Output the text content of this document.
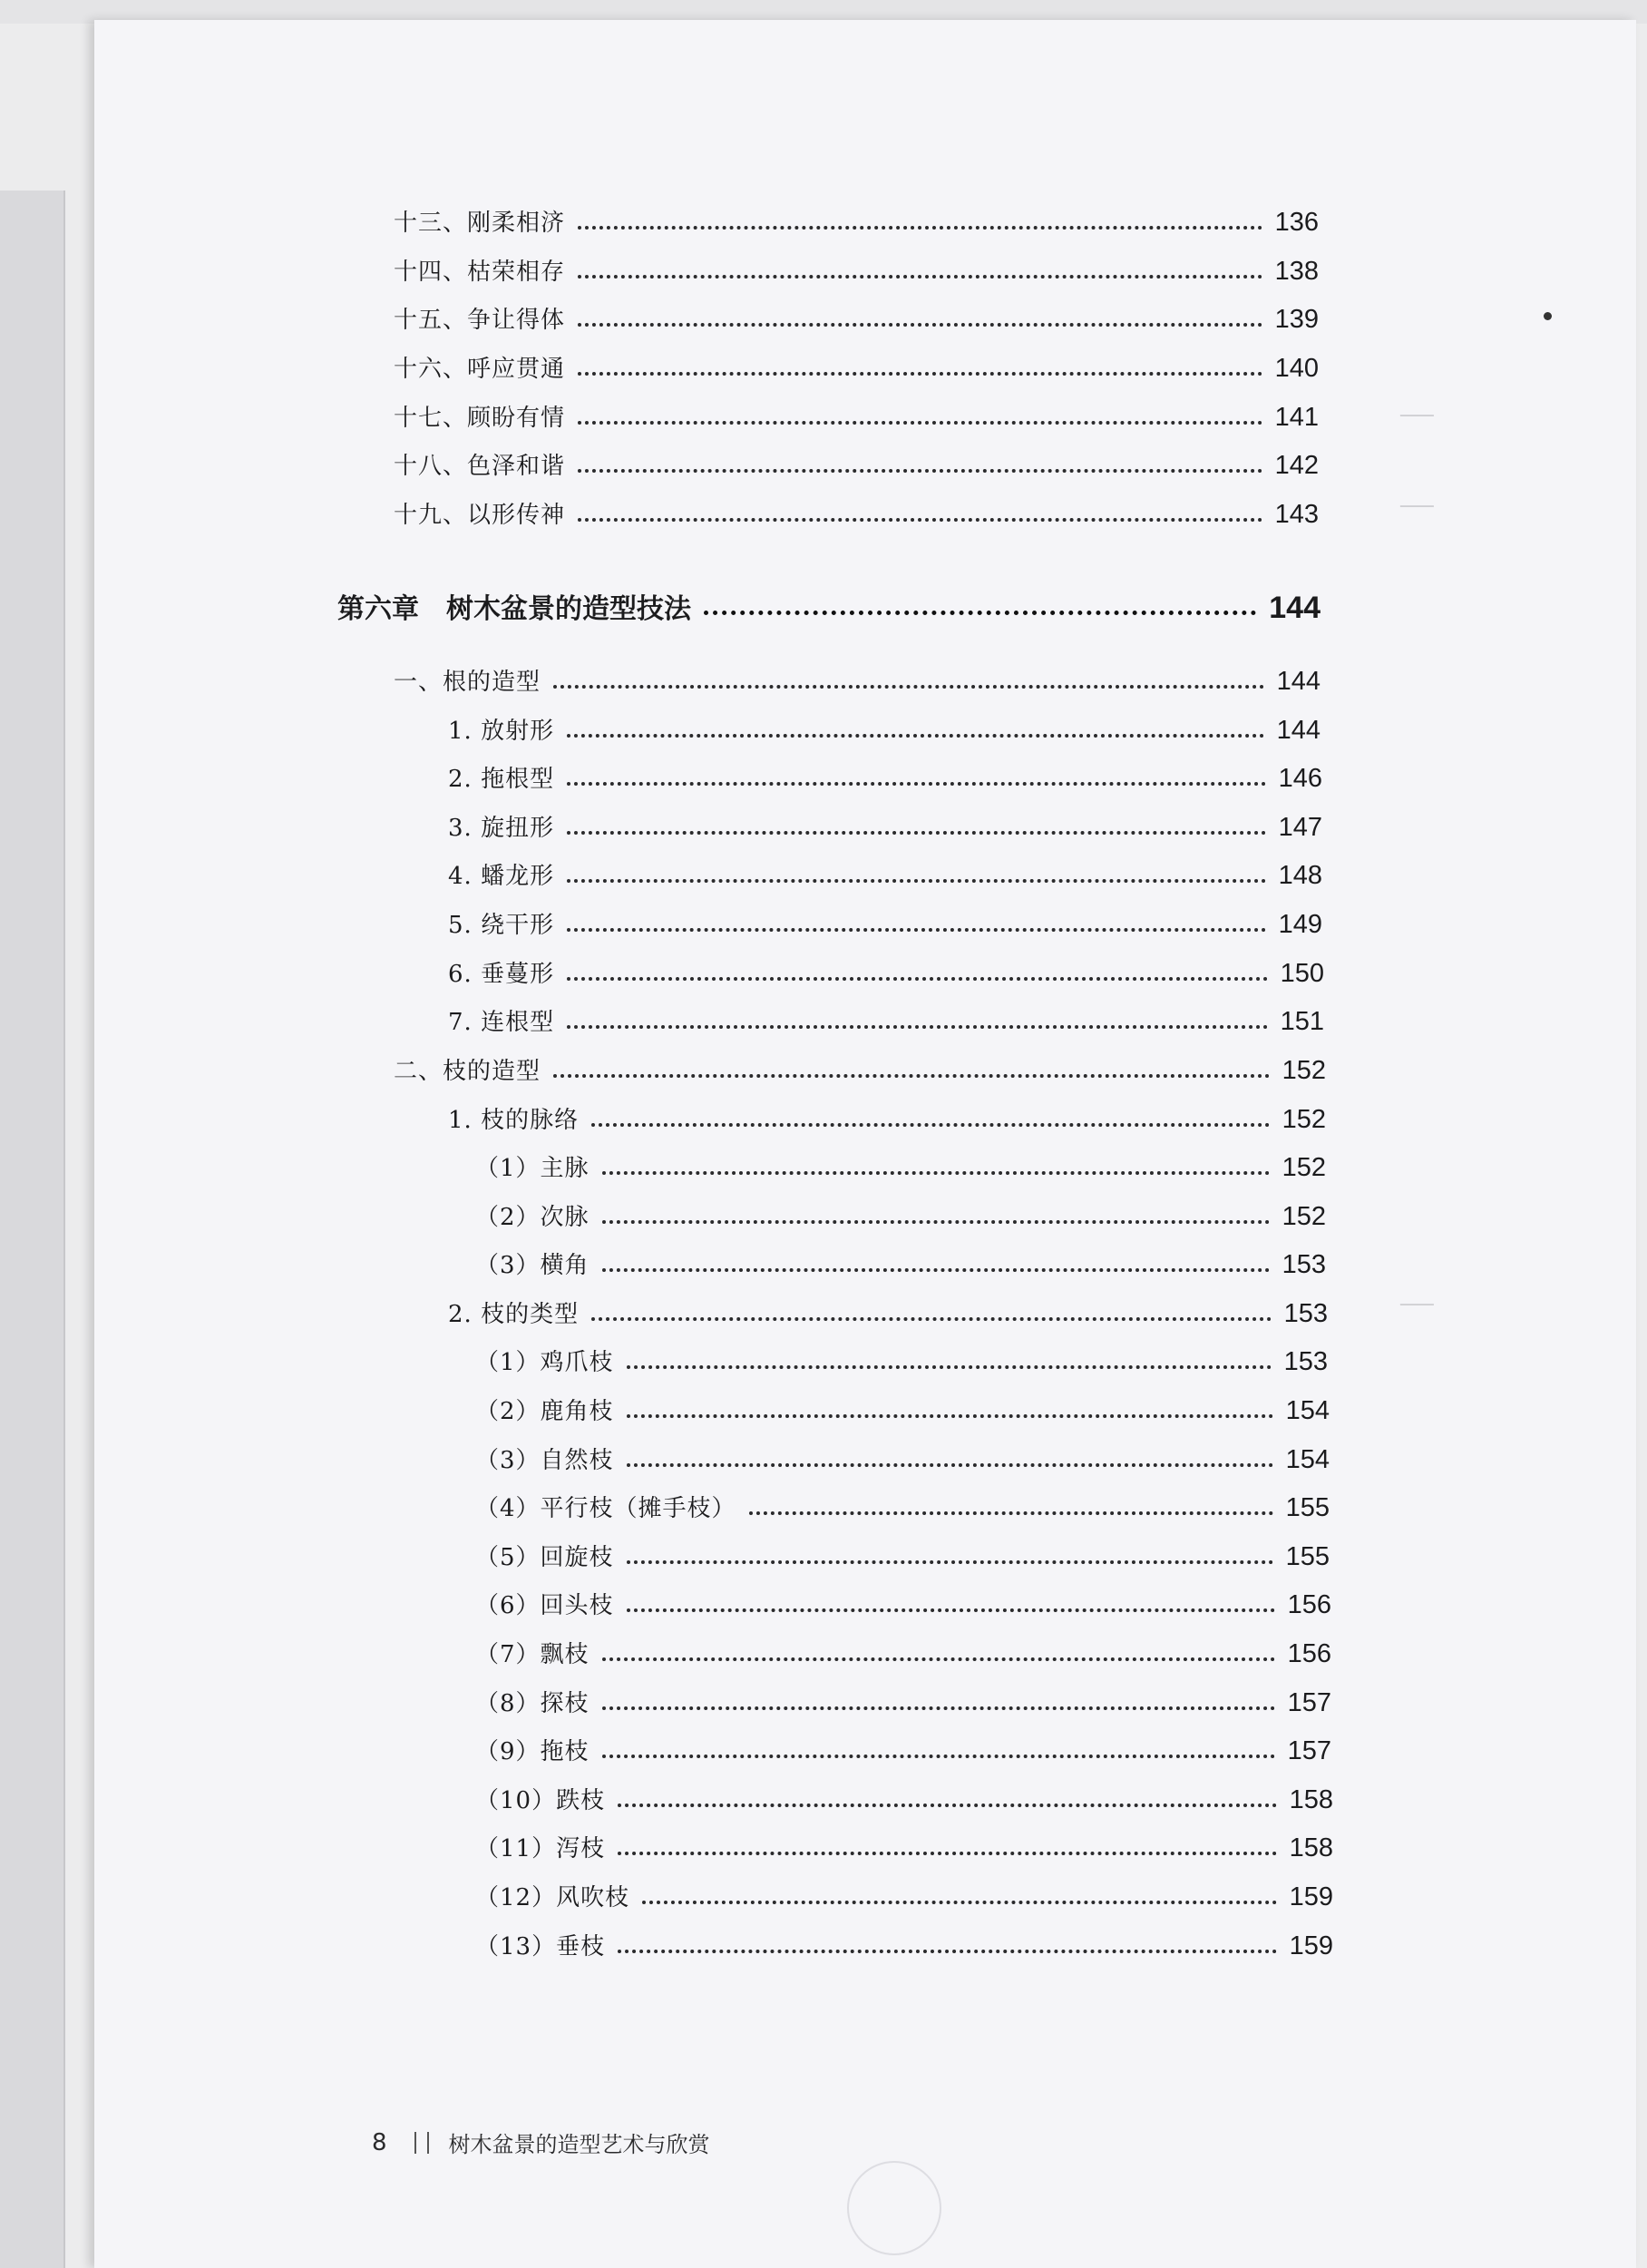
──
──
──
十三、刚柔相济	136
十四、枯荣相存	138
十五、争让得体	139
十六、呼应贯通	140
十七、顾盼有情	141
十八、色泽和谐	142
十九、以形传神	143
第六章　树木盆景的造型技法	144
一、根的造型	144
1. 放射形	144
2. 拖根型	146
3. 旋扭形	147
4. 蟠龙形	148
5. 绕干形	149
6. 垂蔓形	150
7. 连根型	151
二、枝的造型	152
1. 枝的脉络	152
（1）主脉	152
（2）次脉	152
（3）横角	153
2. 枝的类型	153
（1）鸡爪枝	153
（2）鹿角枝	154
（3）自然枝	154
（4）平行枝（摊手枝）	155
（5）回旋枝	155
（6）回头枝	156
（7）飘枝	156
（8）探枝	157
（9）拖枝	157
（10）跌枝	158
（11）泻枝	158
（12）风吹枝	159
（13）垂枝	159
8	树木盆景的造型艺术与欣赏
